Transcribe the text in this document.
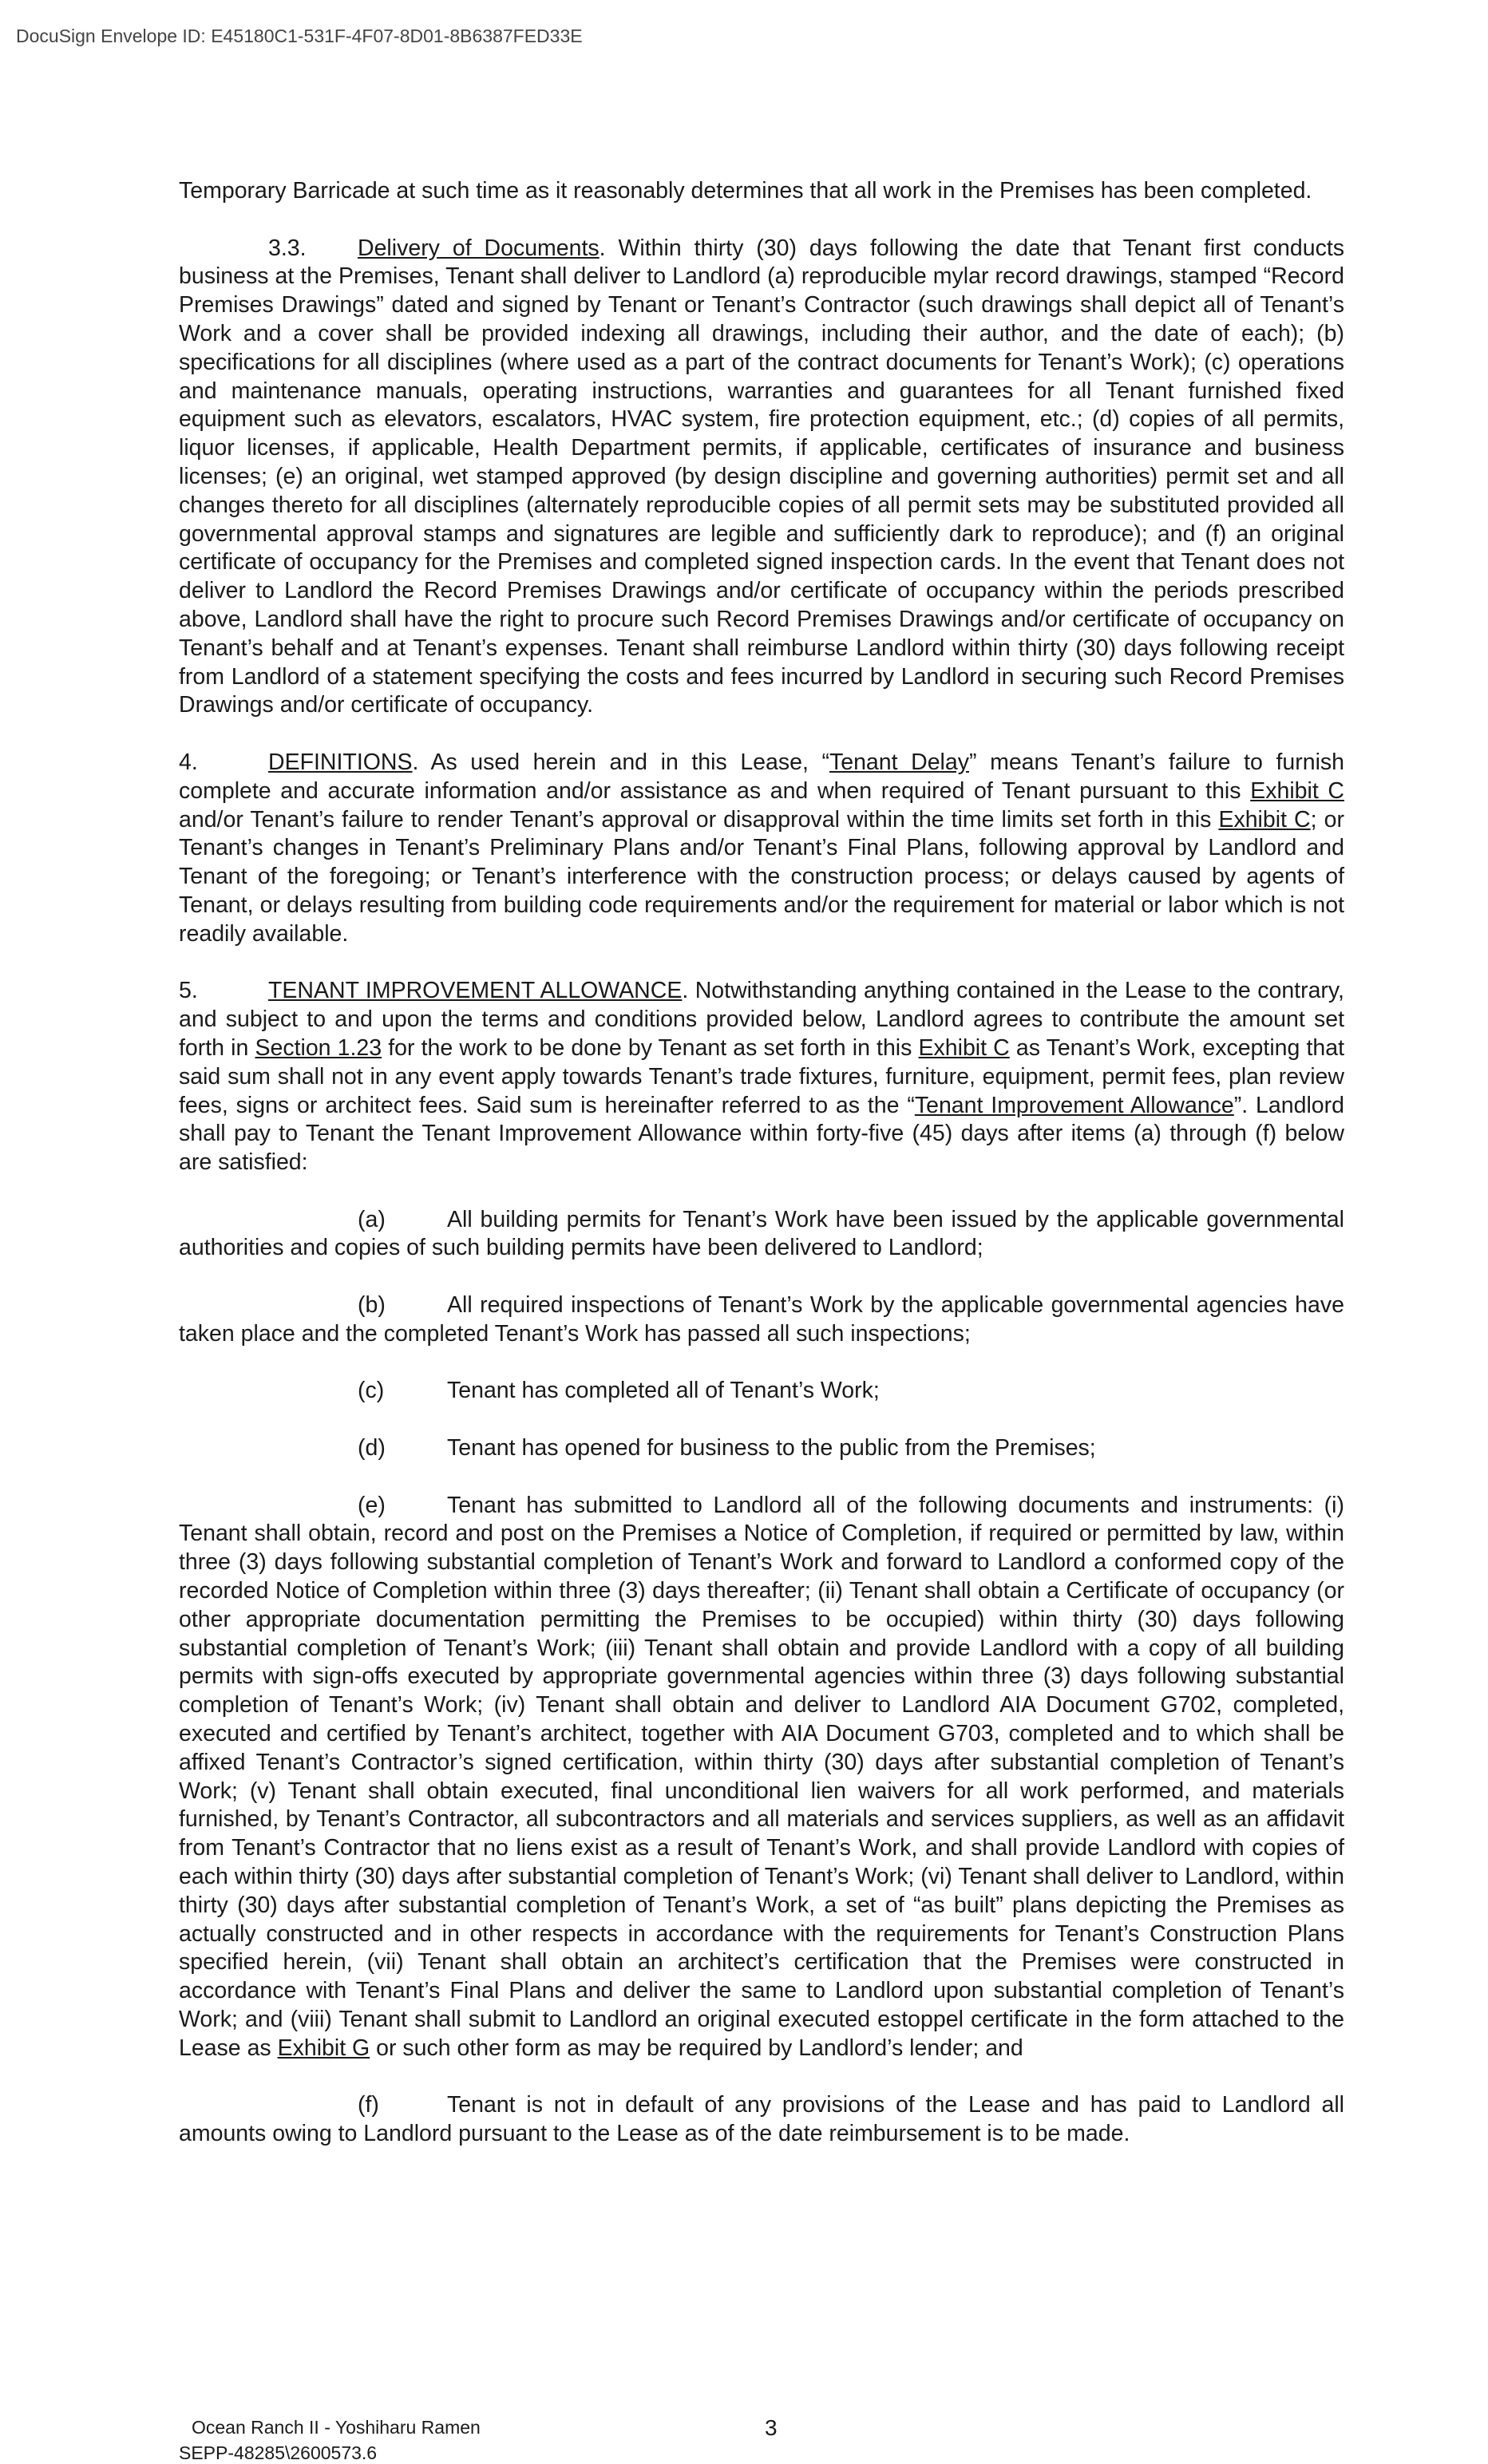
DocuSign Envelope ID: E45180C1-531F-4F07-8D01-8B6387FED33E

Temporary Barricade at such time as it reasonably determines that all work in the Premises has been completed.

3.3. Delivery of Documents. Within thirty (30) days following the date that Tenant first conducts business at the Premises, Tenant shall deliver to Landlord (a) reproducible mylar record drawings, stamped “Record Premises Drawings” dated and signed by Tenant or Tenant’s Contractor (such drawings shall depict all of Tenant’s Work and a cover shall be provided indexing all drawings, including their author, and the date of each); (b) specifications for all disciplines (where used as a part of the contract documents for Tenant’s Work); (c) operations and maintenance manuals, operating instructions, warranties and guarantees for all Tenant furnished fixed equipment such as elevators, escalators, HVAC system, fire protection equipment, etc.; (d) copies of all permits, liquor licenses, if applicable, Health Department permits, if applicable, certificates of insurance and business licenses; (e) an original, wet stamped approved (by design discipline and governing authorities) permit set and all changes thereto for all disciplines (alternately reproducible copies of all permit sets may be substituted provided all governmental approval stamps and signatures are legible and sufficiently dark to reproduce); and (f) an original certificate of occupancy for the Premises and completed signed inspection cards. In the event that Tenant does not deliver to Landlord the Record Premises Drawings and/or certificate of occupancy within the periods prescribed above, Landlord shall have the right to procure such Record Premises Drawings and/or certificate of occupancy on Tenant’s behalf and at Tenant’s expenses. Tenant shall reimburse Landlord within thirty (30) days following receipt from Landlord of a statement specifying the costs and fees incurred by Landlord in securing such Record Premises Drawings and/or certificate of occupancy.

4.	DEFINITIONS. As used herein and in this Lease, “Tenant Delay” means Tenant’s failure to furnish complete and accurate information and/or assistance as and when required of Tenant pursuant to this Exhibit C and/or Tenant’s failure to render Tenant’s approval or disapproval within the time limits set forth in this Exhibit C; or Tenant’s changes in Tenant’s Preliminary Plans and/or Tenant’s Final Plans, following approval by Landlord and Tenant of the foregoing; or Tenant’s interference with the construction process; or delays caused by agents of Tenant, or delays resulting from building code requirements and/or the requirement for material or labor which is not readily available.

5.	TENANT IMPROVEMENT ALLOWANCE. Notwithstanding anything contained in the Lease to the contrary, and subject to and upon the terms and conditions provided below, Landlord agrees to contribute the amount set forth in Section 1.23 for the work to be done by Tenant as set forth in this Exhibit C as Tenant’s Work, excepting that said sum shall not in any event apply towards Tenant’s trade fixtures, furniture, equipment, permit fees, plan review fees, signs or architect fees. Said sum is hereinafter referred to as the “Tenant Improvement Allowance”. Landlord shall pay to Tenant the Tenant Improvement Allowance within forty-five (45) days after items (a) through (f) below are satisfied:

(a)	All building permits for Tenant’s Work have been issued by the applicable governmental authorities and copies of such building permits have been delivered to Landlord;

(b)	All required inspections of Tenant’s Work by the applicable governmental agencies have taken place and the completed Tenant’s Work has passed all such inspections;

(c)	Tenant has completed all of Tenant’s Work;

(d)	Tenant has opened for business to the public from the Premises;

(e)	Tenant has submitted to Landlord all of the following documents and instruments: (i) Tenant shall obtain, record and post on the Premises a Notice of Completion, if required or permitted by law, within three (3) days following substantial completion of Tenant’s Work and forward to Landlord a conformed copy of the recorded Notice of Completion within three (3) days thereafter; (ii) Tenant shall obtain a Certificate of occupancy (or other appropriate documentation permitting the Premises to be occupied) within thirty (30) days following substantial completion of Tenant’s Work; (iii) Tenant shall obtain and provide Landlord with a copy of all building permits with sign-offs executed by appropriate governmental agencies within three (3) days following substantial completion of Tenant’s Work; (iv) Tenant shall obtain and deliver to Landlord AIA Document G702, completed, executed and certified by Tenant’s architect, together with AIA Document G703, completed and to which shall be affixed Tenant’s Contractor’s signed certification, within thirty (30) days after substantial completion of Tenant’s Work; (v) Tenant shall obtain executed, final unconditional lien waivers for all work performed, and materials furnished, by Tenant’s Contractor, all subcontractors and all materials and services suppliers, as well as an affidavit from Tenant’s Contractor that no liens exist as a result of Tenant’s Work, and shall provide Landlord with copies of each within thirty (30) days after substantial completion of Tenant’s Work; (vi) Tenant shall deliver to Landlord, within thirty (30) days after substantial completion of Tenant’s Work, a set of “as built” plans depicting the Premises as actually constructed and in other respects in accordance with the requirements for Tenant’s Construction Plans specified herein, (vii) Tenant shall obtain an architect’s certification that the Premises were constructed in accordance with Tenant’s Final Plans and deliver the same to Landlord upon substantial completion of Tenant’s Work; and (viii) Tenant shall submit to Landlord an original executed estoppel certificate in the form attached to the Lease as Exhibit G or such other form as may be required by Landlord’s lender; and

(f)	Tenant is not in default of any provisions of the Lease and has paid to Landlord all amounts owing to Landlord pursuant to the Lease as of the date reimbursement is to be made.

Ocean Ranch II - Yoshiharu Ramen	3
SEPP-48285\2600573.6
